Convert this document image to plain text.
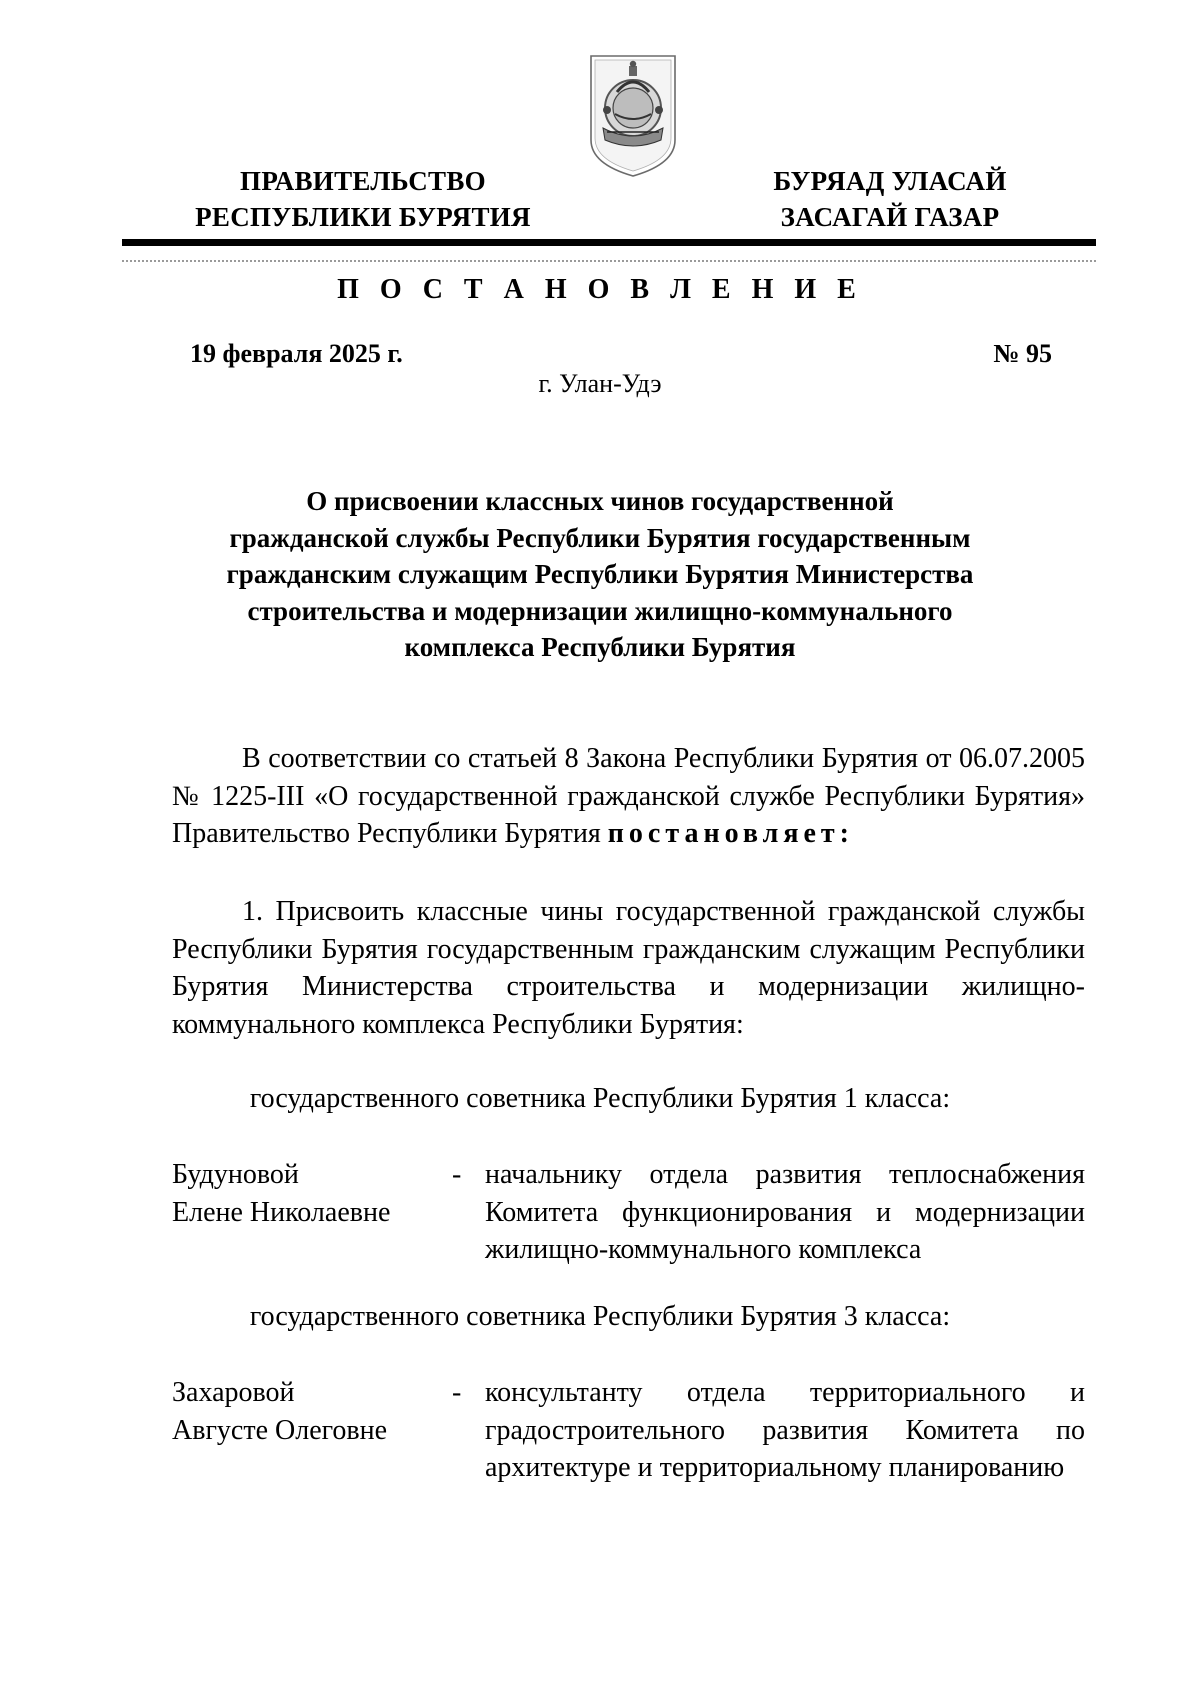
ПРАВИТЕЛЬСТВО
РЕСПУБЛИКИ БУРЯТИЯ
БУРЯАД УЛАСАЙ
ЗАСАГАЙ ГАЗАР
П О С Т А Н О В Л Е Н И Е
19 февраля 2025 г.	№ 95
г. Улан-Удэ
О присвоении классных чинов государственной
гражданской службы Республики Бурятия государственным
гражданским служащим Республики Бурятия Министерства
строительства и модернизации жилищно-коммунального
комплекса Республики Бурятия

В соответствии со статьей 8 Закона Республики Бурятия от 06.07.2005 № 1225-III «О государственной гражданской службе Республики Бурятия» Правительство Республики Бурятия постановляет:

1. Присвоить классные чины государственной гражданской службы Республики Бурятия государственным гражданским служащим Республики Бурятия Министерства строительства и модернизации жилищно-коммунального комплекса Республики Бурятия:

государственного советника Республики Бурятия 1 класса:
Будуновой
Елене Николаевне
- начальнику отдела развития теплоснабжения Комитета функционирования и модернизации жилищно-коммунального комплекса
государственного советника Республики Бурятия 3 класса:
Захаровой
Августе Олеговне
- консультанту отдела территориального и градостроительного развития Комитета по архитектуре и территориальному планированию
